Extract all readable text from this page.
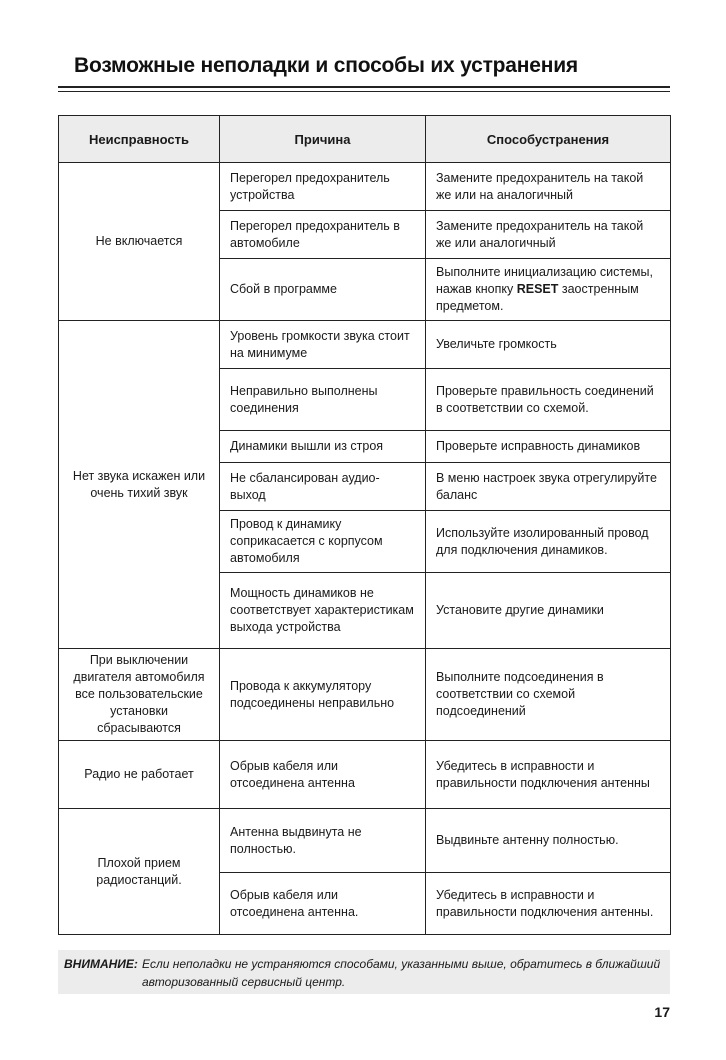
Возможные неполадки и способы их устранения
Неисправность	Причина	Способустранения
Не включается	Перегорел предохранитель устройства	Замените предохранитель на такой же или на аналогичный
	Перегорел предохранитель в автомобиле	Замените предохранитель на такой же или аналогичный
	Сбой в программе	Выполните инициализацию системы, нажав кнопку RESET заостренным предметом.
Нет звука искажен или очень тихий звук	Уровень громкости звука стоит на минимуме	Увеличьте громкость
	Неправильно выполнены соединения	Проверьте правильность соединений в соответствии со схемой.
	Динамики вышли из строя	Проверьте исправность динамиков
	Не сбалансирован аудио-выход	В меню настроек звука отрегулируйте баланс
	Провод к динамику соприкасается с корпусом автомобиля	Используйте изолированный провод для подключения динамиков.
	Мощность динамиков не соответствует характеристикам выхода устройства	Установите другие динамики
При выключении двигателя автомобиля все пользовательские установки сбрасываются	Провода к аккумулятору подсоединены неправильно	Выполните подсоединения в соответствии со схемой подсоединений
Радио не работает	Обрыв кабеля или отсоединена антенна	Убедитесь в исправности и правильности подключения антенны
Плохой прием радиостанций.	Антенна выдвинута не полностью.	Выдвиньте антенну полностью.
	Обрыв кабеля или отсоединена антенна.	Убедитесь в исправности и правильности подключения антенны.
ВНИМАНИЕ: Если неполадки не устраняются способами, указанными выше, обратитесь в ближайший авторизованный сервисный центр.
17
